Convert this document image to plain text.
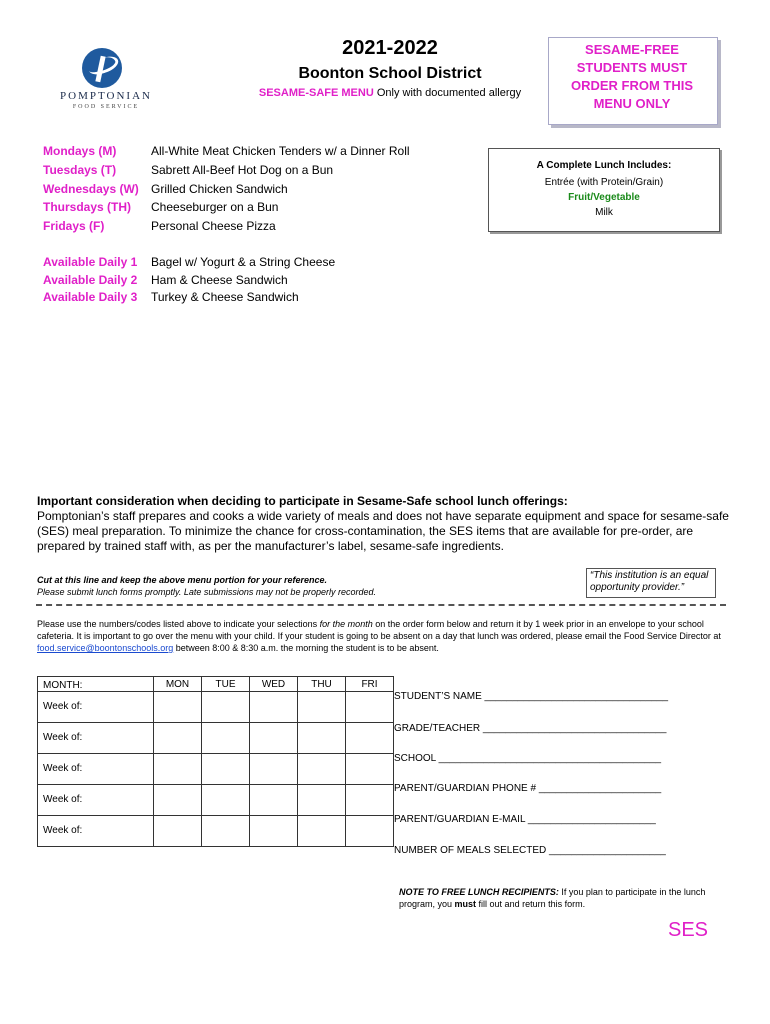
POMPTONIAN
FOOD SERVICE
2021-2022
Boonton School District
SESAME-SAFE MENU Only with documented allergy
SESAME-FREE
STUDENTS MUST
ORDER FROM THIS
MENU ONLY
Mondays (M)	All-White Meat Chicken Tenders w/ a Dinner Roll
Tuesdays (T)	Sabrett All-Beef Hot Dog on a Bun
Wednesdays (W) Grilled Chicken Sandwich
Thursdays (TH) Cheeseburger on a Bun
Fridays (F)	Personal Cheese Pizza
Available Daily 1 Bagel w/ Yogurt & a String Cheese
Available Daily 2 Ham & Cheese Sandwich
Available Daily 3 Turkey & Cheese Sandwich
A Complete Lunch Includes:
Entrée (with Protein/Grain)
Fruit/Vegetable
Milk
Important consideration when deciding to participate in Sesame-Safe school lunch offerings:
Pomptonian’s staff prepares and cooks a wide variety of meals and does not have separate equipment and space for sesame-safe (SES) meal preparation. To minimize the chance for cross-contamination, the SES items that are available for pre-order, are prepared by trained staff with, as per the manufacturer’s label, sesame-safe ingredients.
Cut at this line and keep the above menu portion for your reference.
Please submit lunch forms promptly. Late submissions may not be properly recorded.
“This institution is an equal opportunity provider.”
Please use the numbers/codes listed above to indicate your selections for the month on the order form below and return it by 1 week prior in an envelope to your school cafeteria. It is important to go over the menu with your child. If your student is going to be absent on a day that lunch was ordered, please email the Food Service Director at food.service@boontonschools.org between 8:00 & 8:30 a.m. the morning the student is to be absent.
MONTH:	MON	TUE	WED	THU	FRI
Week of:					
Week of:					
Week of:					
Week of:					
Week of:					
STUDENT’S NAME _________________________________
GRADE/TEACHER _________________________________
SCHOOL ________________________________________
PARENT/GUARDIAN PHONE # ______________________
PARENT/GUARDIAN E-MAIL _______________________
NUMBER OF MEALS SELECTED _____________________
NOTE TO FREE LUNCH RECIPIENTS: If you plan to participate in the lunch program, you must fill out and return this form.
SES
